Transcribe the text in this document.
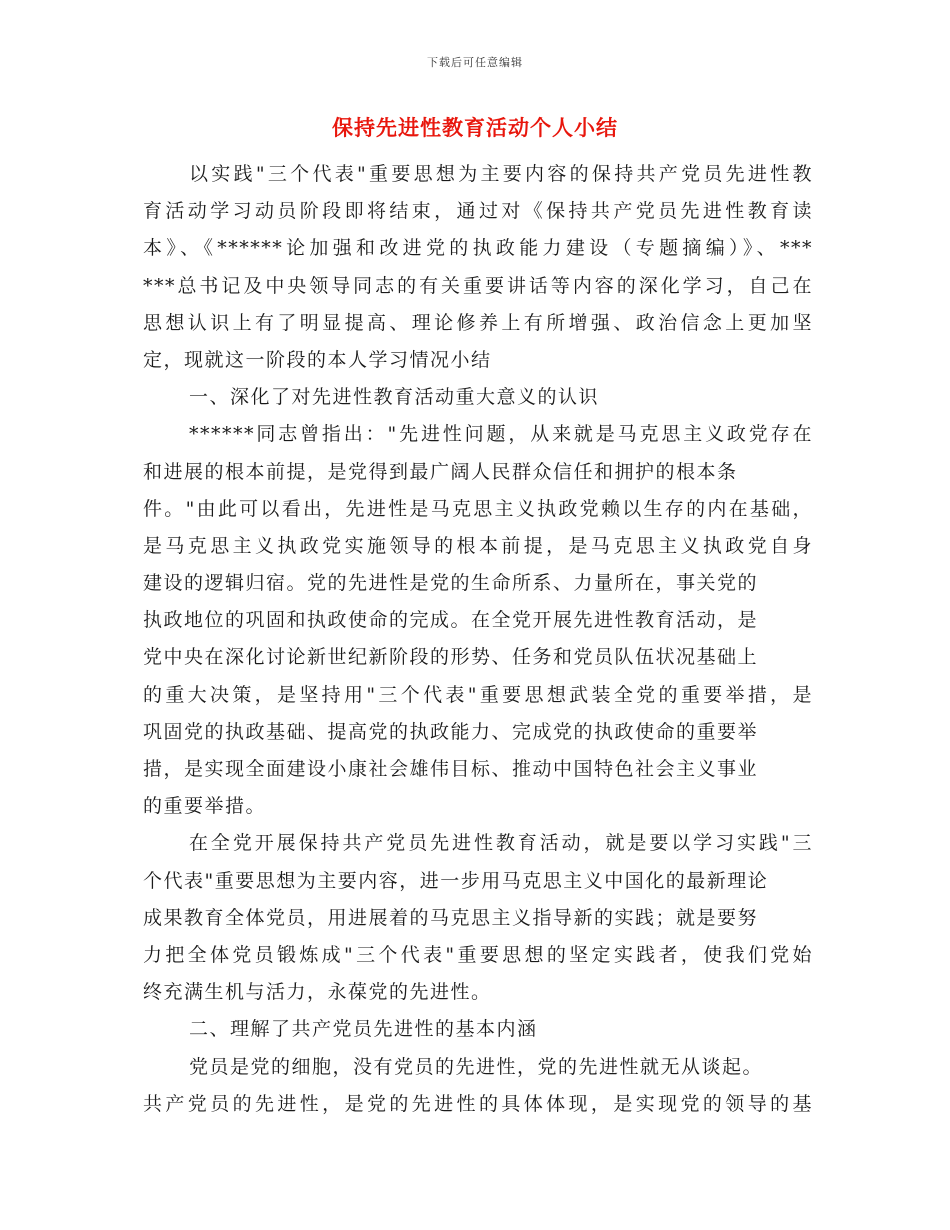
下载后可任意编辑
保持先进性教育活动个人小结
以实践"三个代表"重要思想为主要内容的保持共产党员先进性教
育活动学习动员阶段即将结束，通过对《保持共产党员先进性教育读
本》、《******论加强和改进党的执政能力建设（专题摘编）》、***
***总书记及中央领导同志的有关重要讲话等内容的深化学习，自己在
思想认识上有了明显提高、理论修养上有所增强、政治信念上更加坚
定，现就这一阶段的本人学习情况小结
一、深化了对先进性教育活动重大意义的认识
******同志曾指出："先进性问题，从来就是马克思主义政党存在
和进展的根本前提，是党得到最广阔人民群众信任和拥护的根本条
件。"由此可以看出，先进性是马克思主义执政党赖以生存的内在基础，
是马克思主义执政党实施领导的根本前提，是马克思主义执政党自身
建设的逻辑归宿。党的先进性是党的生命所系、力量所在，事关党的
执政地位的巩固和执政使命的完成。在全党开展先进性教育活动，是
党中央在深化讨论新世纪新阶段的形势、任务和党员队伍状况基础上
的重大决策，是坚持用"三个代表"重要思想武装全党的重要举措，是
巩固党的执政基础、提高党的执政能力、完成党的执政使命的重要举
措，是实现全面建设小康社会雄伟目标、推动中国特色社会主义事业
的重要举措。
在全党开展保持共产党员先进性教育活动，就是要以学习实践"三
个代表"重要思想为主要内容，进一步用马克思主义中国化的最新理论
成果教育全体党员，用进展着的马克思主义指导新的实践；就是要努
力把全体党员锻炼成"三个代表"重要思想的坚定实践者，使我们党始
终充满生机与活力，永葆党的先进性。
二、理解了共产党员先进性的基本内涵
党员是党的细胞，没有党员的先进性，党的先进性就无从谈起。
共产党员的先进性，是党的先进性的具体体现，是实现党的领导的基
